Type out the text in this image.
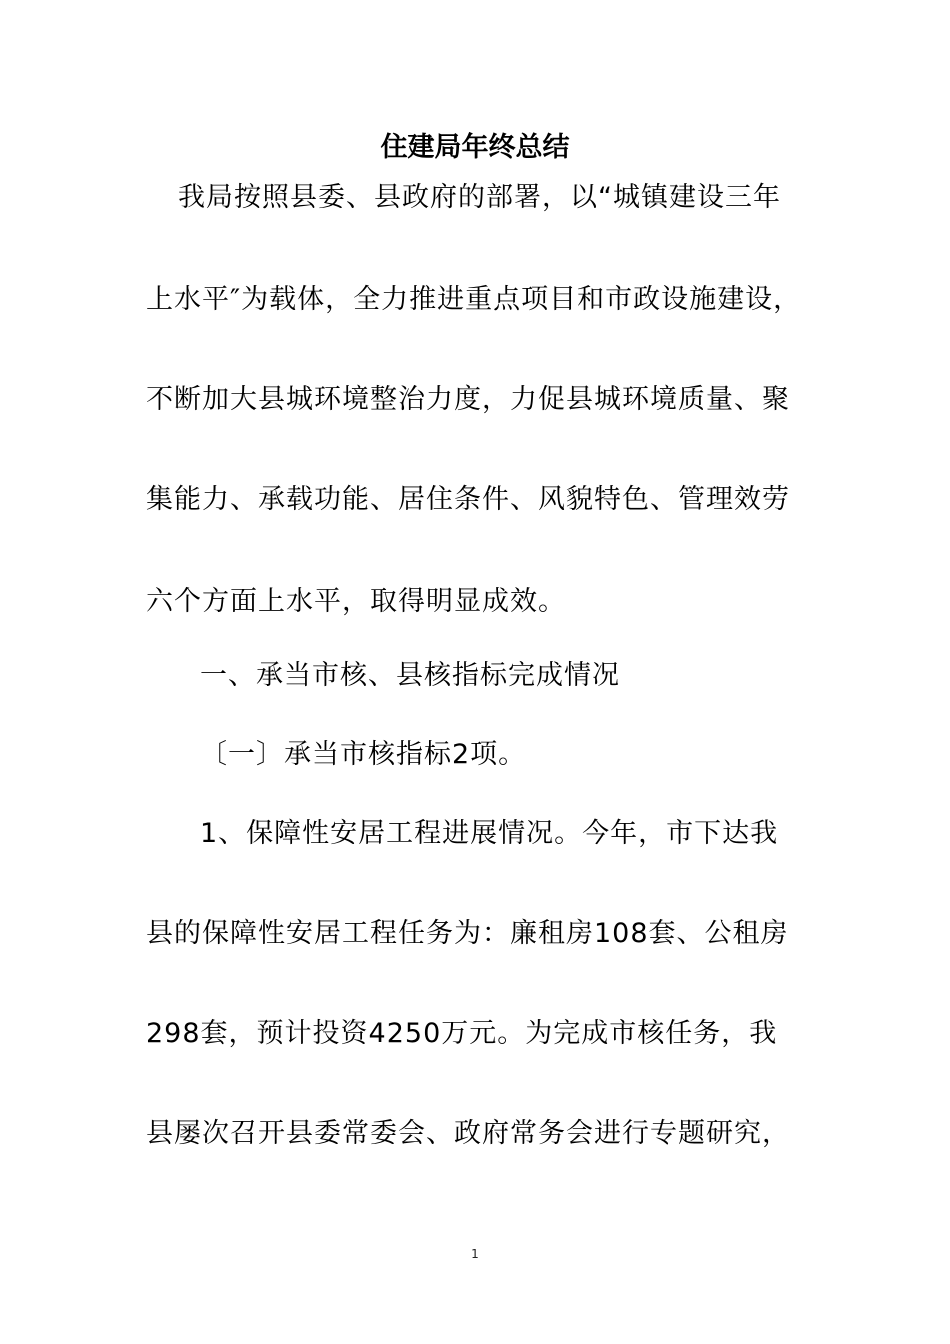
住建局年终总结
我局按照县委、县政府的部署，以“城镇建设三年
上水平″为载体，全力推进重点项目和市政设施建设，
不断加大县城环境整治力度，力促县城环境质量、聚
集能力、承载功能、居住条件、风貌特色、管理效劳
六个方面上水平，取得明显成效。
一、承当市核、县核指标完成情况
〔一〕承当市核指标2项。
1、保障性安居工程进展情况。今年，市下达我
县的保障性安居工程任务为：廉租房108套、公租房
298套，预计投资4250万元。为完成市核任务，我
县屡次召开县委常委会、政府常务会进行专题研究，
1
